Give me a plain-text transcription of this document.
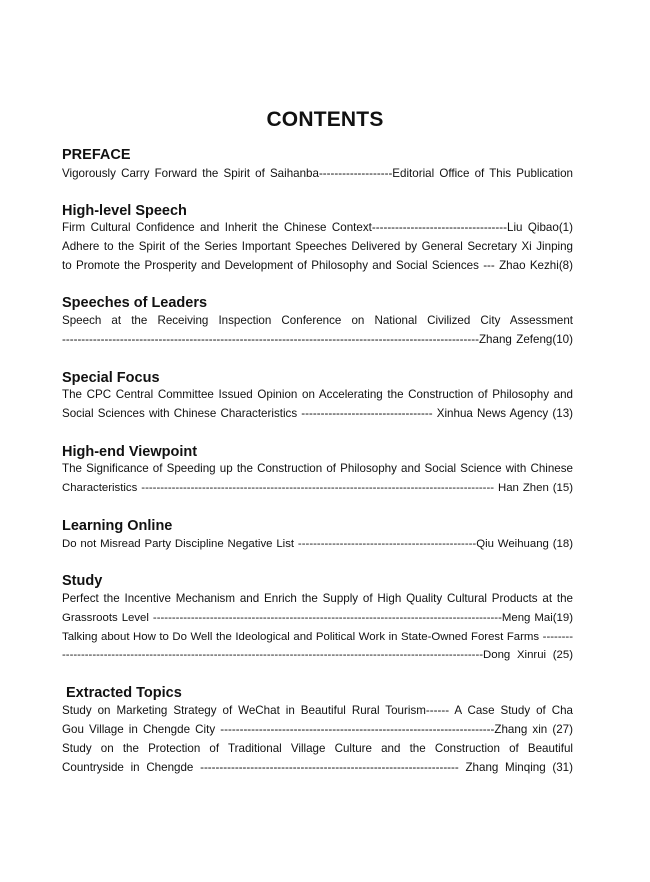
CONTENTS
PREFACE
Vigorously Carry Forward the Spirit of Saihanba-------------------Editorial Office of This Publication
High-level Speech
Firm Cultural Confidence and Inherit the Chinese Context-----------------------------------Liu Qibao(1)
Adhere to the Spirit of the Series Important Speeches Delivered by General Secretary Xi Jinping
to Promote the Prosperity and Development of Philosophy and Social Sciences --- Zhao Kezhi(8)
Speeches of Leaders
Speech at the Receiving Inspection Conference on National Civilized City Assessment
------------------------------------------------------------------------------------------------------------Zhang Zefeng(10)
Special Focus
The CPC Central Committee Issued Opinion on Accelerating the Construction of Philosophy and
Social Sciences with Chinese Characteristics ---------------------------------- Xinhua News Agency (13)
High-end Viewpoint
The Significance of Speeding up the Construction of Philosophy and Social Science with Chinese
Characteristics --------------------------------------------------------------------------------------------- Han Zhen (15)
Learning Online
Do not Misread Party Discipline Negative List -----------------------------------------------Qiu Weihuang (18)
Study
Perfect the Incentive Mechanism and Enrich the Supply of High Quality Cultural Products at the
Grassroots Level --------------------------------------------------------------------------------------------Meng Mai(19)
Talking about How to Do Well the Ideological and Political Work in State-Owned Forest Farms --------
---------------------------------------------------------------------------------------------------------------Dong Xinrui (25)
Extracted Topics
Study on Marketing Strategy of WeChat in Beautiful Rural Tourism------ A Case Study of Cha
Gou Village in Chengde City -----------------------------------------------------------------------Zhang xin (27)
Study on the Protection of Traditional Village Culture and the Construction of Beautiful
Countryside in Chengde ------------------------------------------------------------------- Zhang Minqing (31)
